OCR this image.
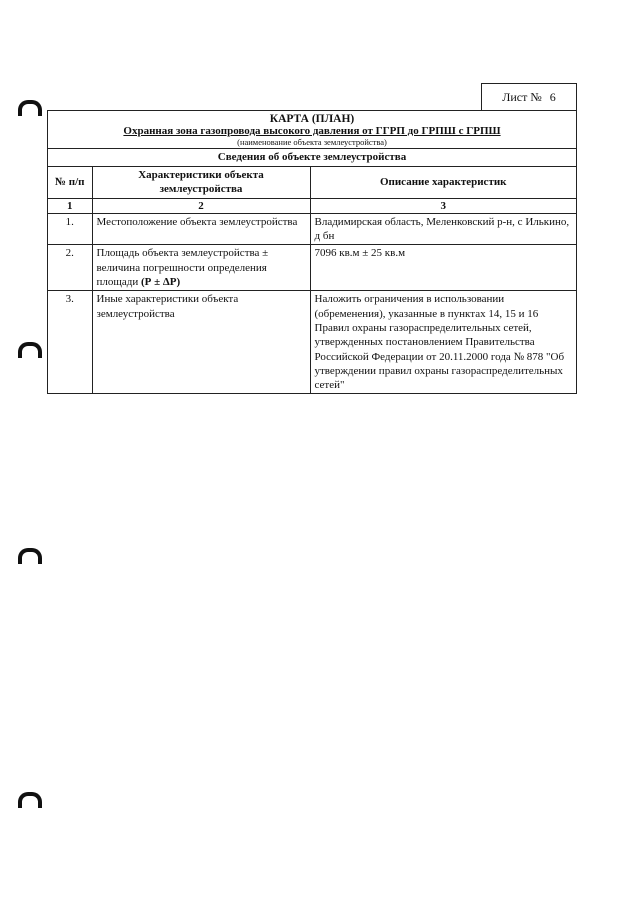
Лист № 6
КАРТА (ПЛАН)
Охранная зона газопровода высокого давления от ГГРП до ГРПШ с ГРПШ
(наименование объекта землеустройства)
Сведения об объекте землеустройства
№ п/п	Характеристики объекта землеустройства	Описание характеристик
1	2	3
1.	Местоположение объекта землеустройства	Владимирская область, Меленковский р-н, с Илькино, д бн
2.	Площадь объекта землеустройства ± величина погрешности определения площади (Р ± ΔР)	7096 кв.м ± 25 кв.м
3.	Иные характеристики объекта землеустройства	Наложить ограничения в использовании (обременения), указанные в пунктах 14, 15 и 16 Правил охраны газораспределительных сетей, утвержденных постановлением Правительства Российской Федерации от 20.11.2000 года № 878 "Об утверждении правил охраны газораспределительных сетей"
